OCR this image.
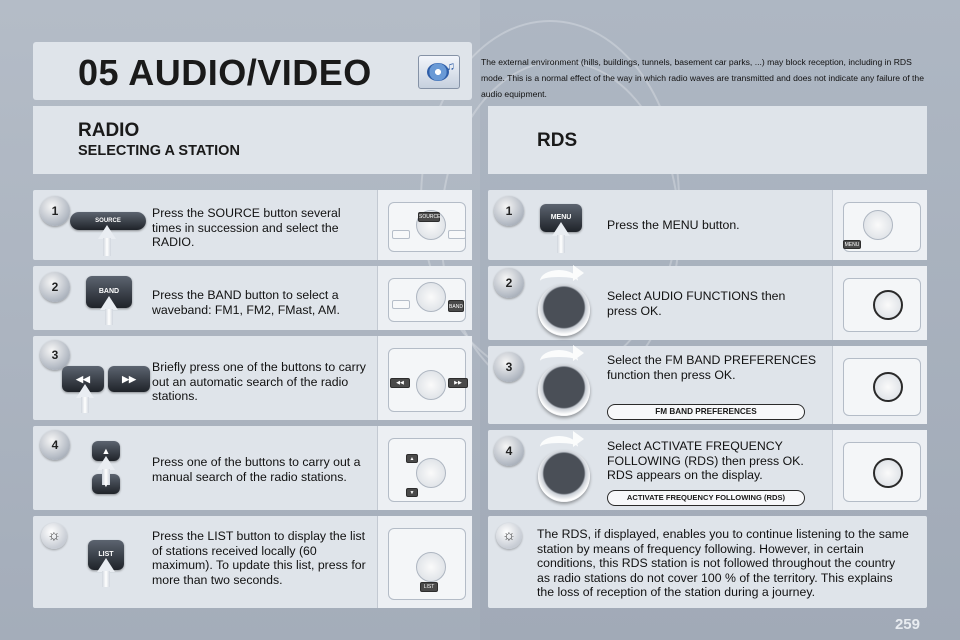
05 AUDIO/VIDEO	♫	The external environment (hills, buildings, tunnels, basement car parks, ...) may block reception, including in RDS mode. This is a normal effect of the way in which radio waves are transmitted and does not indicate any failure of the audio equipment.
RADIO
SELECTING A STATION	RDS
1
SOURCE
Press the SOURCE button several times in succession and select the RADIO.
SOURCE
2	BAND	Press the BAND button to select a waveband: FM1, FM2, FMast, AM.	BAND
3
◀◀	▶▶
Briefly press one of the buttons to carry out an automatic search of the radio stations.
◀◀	▶▶
4	▲
Press one of the buttons to carry out a manual search of the radio stations.
▲
▼
☼
LIST
Press the LIST button to display the list of stations received locally (60 maximum). To update this list, press for more than two seconds.
LIST
1	MENU
Press the MENU button.
MENU
2
Select AUDIO FUNCTIONS then press OK.
3	Select the FM BAND PREFERENCES function then press OK.
FM BAND PREFERENCES
4	Select ACTIVATE FREQUENCY FOLLOWING (RDS) then press OK. RDS appears on the display.
ACTIVATE FREQUENCY FOLLOWING (RDS)
☼	The RDS, if displayed, enables you to continue listening to the same station by means of frequency following. However, in certain conditions, this RDS station is not followed throughout the country as radio stations do not cover 100 % of the territory. This explains the loss of reception of the station during a journey.
259
